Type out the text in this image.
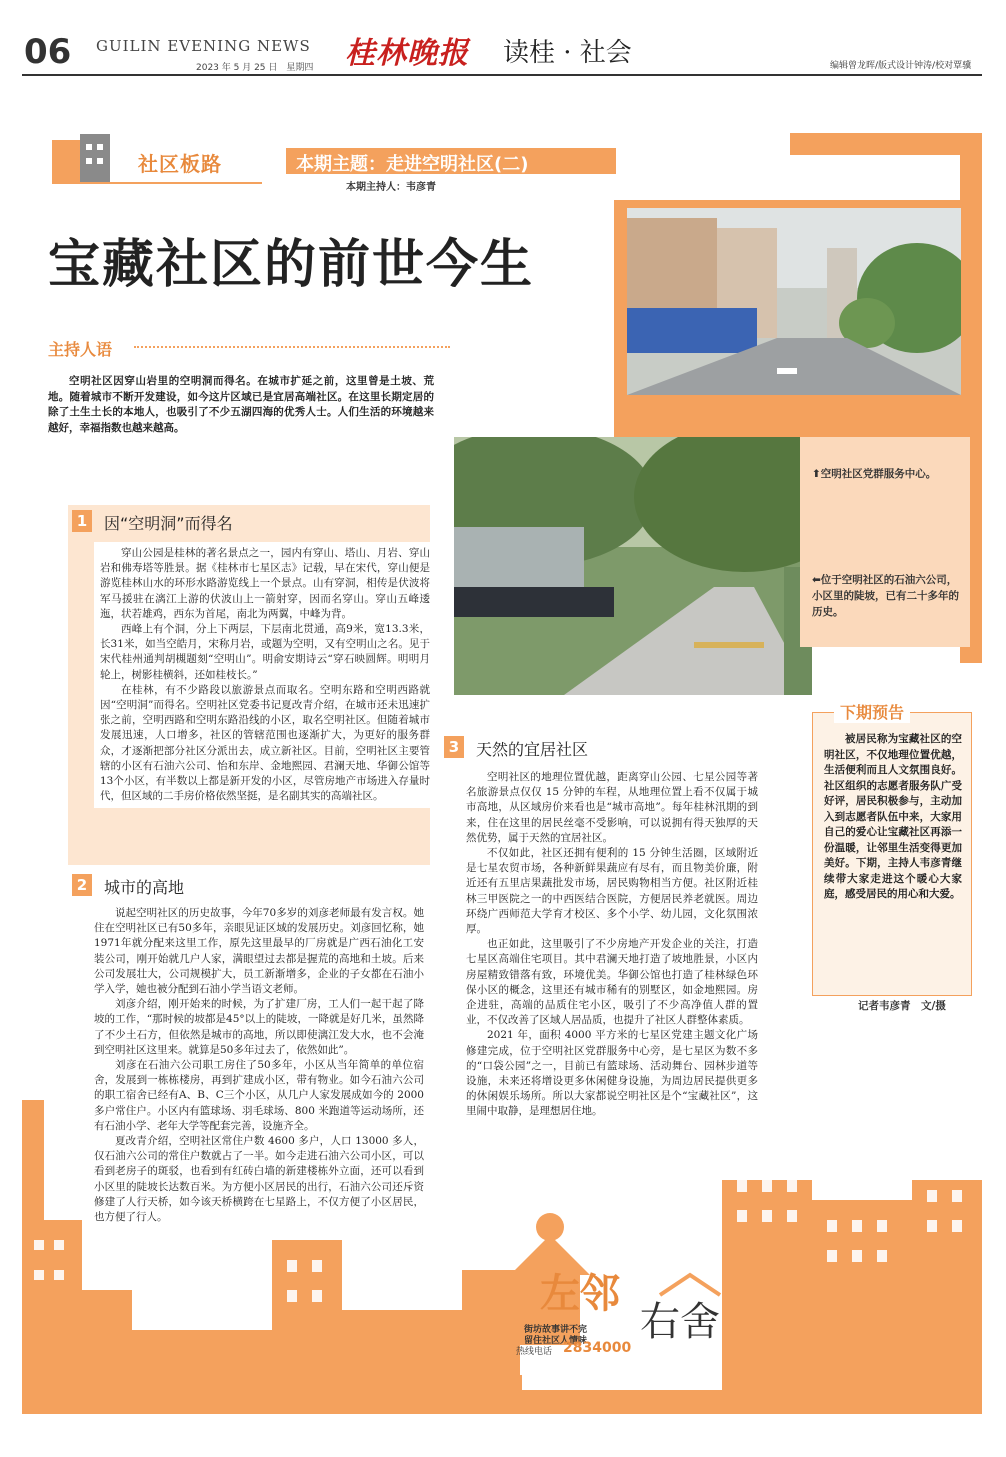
06 GUILIN EVENING NEWS
2023 年 5 月 25 日　星期四 桂林晚报 读桂 · 社会	编辑曾龙晖/版式设计钟涛/校对覃骥
社区板路	本期主题：走进空明社区(二)
本期主持人：韦彦青
宝藏社区的前世今生
⬆空明社区党群服务中心。
⬅位于空明社区的石油六公司，小区里的陡坡，已有二十多年的历史。
主持人语
空明社区因穿山岩里的空明洞而得名。在城市扩延之前，这里曾是土坡、荒地。随着城市不断开发建设，如今这片区域已是宜居高端社区。在这里长期定居的除了土生土长的本地人，也吸引了不少五湖四海的优秀人士。人们生活的环境越来越好，幸福指数也越来越高。
1 因“空明洞”而得名

穿山公园是桂林的著名景点之一，园内有穿山、塔山、月岩、穿山岩和佛寿塔等胜景。据《桂林市七星区志》记载，早在宋代，穿山便是游览桂林山水的环形水路游览线上一个景点。山有穿洞，相传是伏波将军马援驻在漓江上游的伏波山上一箭射穿，因而名穿山。穿山五峰逶迤，状若雄鸡，西东为首尾，南北为两翼，中峰为背。

西峰上有个洞，分上下两层，下层南北贯通，高9米，宽13.3米，长31米，如当空皓月，宋称月岩，或题为空明，又有空明山之名。见于宋代桂州通判胡槻题刻“空明山”。明俞安期诗云“穿石映圆辉。明明月轮上，树影桂横斜，还如桂枝长。”

在桂林，有不少路段以旅游景点而取名。空明东路和空明西路就因“空明洞”而得名。空明社区党委书记夏改青介绍，在城市还未迅速扩张之前，空明西路和空明东路沿线的小区，取名空明社区。但随着城市发展迅速，人口增多，社区的管辖范围也逐渐扩大，为更好的服务群众，才逐渐把部分社区分派出去，成立新社区。目前，空明社区主要管辖的小区有石油六公司、怡和东岸、金地熙园、君澜天地、华御公馆等13个小区，有半数以上都是新开发的小区，尽管房地产市场进入存量时代，但区域的二手房价格依然坚挺，是名副其实的高端社区。

2 城市的高地

说起空明社区的历史故事，今年70多岁的刘彦老师最有发言权。她住在空明社区已有50多年，亲眼见证区域的发展历史。刘彦回忆称，她1971年就分配来这里工作，原先这里最早的厂房就是广西石油化工安装公司，刚开始就几户人家，满眼望过去都是握荒的高地和土坡。后来公司发展壮大，公司规模扩大，员工新渐增多，企业的子女都在石油小学入学，她也被分配到石油小学当语文老师。

刘彦介绍，刚开始来的时候，为了扩建厂房，工人们一起干起了降坡的工作，“那时候的坡都是45°以上的陡坡，一降就是好几米，虽然降了不少土石方，但依然是城市的高地，所以即使漓江发大水，也不会淹到空明社区这里来。就算是50多年过去了，依然如此”。

刘彦在石油六公司职工房住了50多年，小区从当年简单的单位宿舍，发展到一栋栋楼房，再到扩建成小区，带有物业。如今石油六公司的职工宿舍已经有A、B、C三个小区，从几户人家发展成如今的 2000 多户常住户。小区内有篮球场、羽毛球场、800 米跑道等运动场所，还有石油小学、老年大学等配套完善，设施齐全。

夏改青介绍，空明社区常住户数 4600 多户，人口 13000 多人，仅石油六公司的常住户数就占了一半。如今走进石油六公司小区，可以看到老房子的斑驳，也看到有红砖白墙的新建楼栋外立面，还可以看到小区里的陡坡长达数百米。为方便小区居民的出行，石油六公司还斥资修建了人行天桥，如今该天桥横跨在七星路上，不仅方便了小区居民，也方便了行人。

3 天然的宜居社区

空明社区的地理位置优越，距离穿山公园、七星公园等著名旅游景点仅仅 15 分钟的车程，从地理位置上看不仅属于城市高地，从区域房价来看也是“城市高地”。每年桂林汛期的到来，住在这里的居民丝毫不受影响，可以说拥有得天独厚的天然优势，属于天然的宜居社区。

不仅如此，社区还拥有便利的 15 分钟生活圈，区域附近是七星农贸市场，各种新鲜果蔬应有尽有，而且物美价廉，附近还有五里店果蔬批发市场，居民购物相当方便。社区附近桂林三甲医院之一的中西医结合医院，方便居民养老就医。周边环绕广西师范大学育才校区、多个小学、幼儿园，文化氛围浓厚。

也正如此，这里吸引了不少房地产开发企业的关注，打造七星区高端住宅项目。其中君澜天地打造了坡地胜景，小区内房屋精致错落有致，环境优美。华御公馆也打造了桂林绿色环保小区的概念，这里还有城市稀有的别墅区，如金地熙园。房企进驻，高端的品质住宅小区，吸引了不少高净值人群的置业，不仅改善了区域人居品质，也提升了社区人群整体素质。

2021 年，面积 4000 平方米的七星区党建主题文化广场修建完成，位于空明社区党群服务中心旁，是七星区为数不多的“口袋公园”之一，目前已有篮球场、活动舞台、园林步道等设施，未来还将增设更多休闲健身设施，为周边居民提供更多的休闲娱乐场所。所以大家都说空明社区是个“宝藏社区”，这里闹中取静，是理想居住地。

下期预告
被居民称为宝藏社区的空明社区，不仅地理位置优越，生活便利而且人文氛围良好。社区组织的志愿者服务队广受好评，居民积极参与，主动加入到志愿者队伍中来，大家用自己的爱心让宝藏社区再添一份温暖，让邻里生活变得更加美好。下期，主持人韦彦青继续带大家走进这个暖心大家庭，感受居民的用心和大爱。
记者韦彦青　文/摄
左邻
右舍
街坊故事讲不完
留住社区人情味
热线电话 2834000
